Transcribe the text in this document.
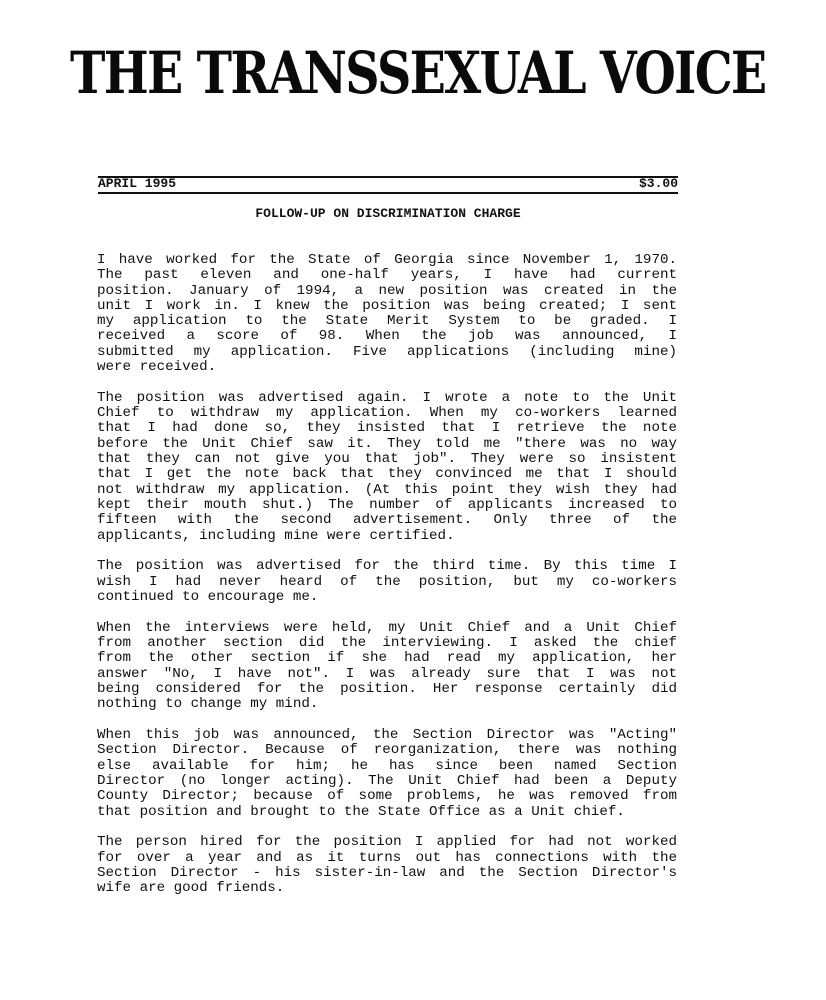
THE TRANSSEXUAL VOICE
APRIL 1995	$3.00
FOLLOW-UP ON DISCRIMINATION CHARGE
I have worked for the State of Georgia since November 1, 1970.
The past eleven and one-half years, I have had current
position. January of 1994, a new position was created in the
unit I work in. I knew the position was being created; I sent
my application to the State Merit System to be graded. I
received a score of 98. When the job was announced, I
submitted my application. Five applications (including mine)
were received.
The position was advertised again. I wrote a note to the Unit
Chief to withdraw my application. When my co-workers learned
that I had done so, they insisted that I retrieve the note
before the Unit Chief saw it. They told me "there was no way
that they can not give you that job". They were so insistent
that I get the note back that they convinced me that I should
not withdraw my application. (At this point they wish they had
kept their mouth shut.) The number of applicants increased to
fifteen with the second advertisement. Only three of the
applicants, including mine were certified.
The position was advertised for the third time. By this time I
wish I had never heard of the position, but my co-workers
continued to encourage me.
When the interviews were held, my Unit Chief and a Unit Chief
from another section did the interviewing. I asked the chief
from the other section if she had read my application, her
answer "No, I have not". I was already sure that I was not
being considered for the position. Her response certainly did
nothing to change my mind.
When this job was announced, the Section Director was "Acting"
Section Director. Because of reorganization, there was nothing
else available for him; he has since been named Section
Director (no longer acting). The Unit Chief had been a Deputy
County Director; because of some problems, he was removed from
that position and brought to the State Office as a Unit chief.
The person hired for the position I applied for had not worked
for over a year and as it turns out has connections with the
Section Director - his sister-in-law and the Section Director's
wife are good friends.
